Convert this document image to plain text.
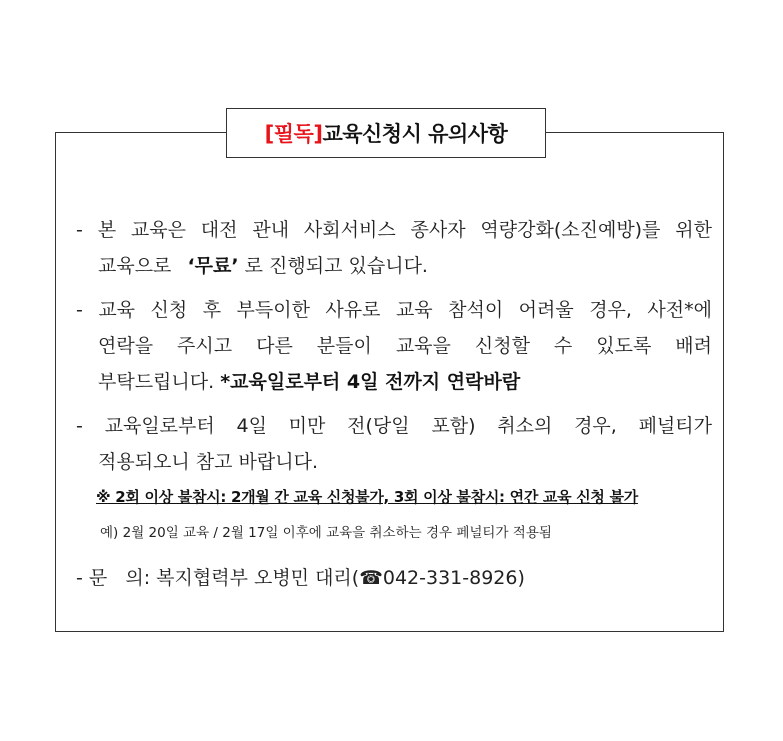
[필독] 교육신청시 유의사항
- 본 교육은 대전 관내 사회서비스 종사자 역량강화(소진예방)를 위한
교육으로 ‘무료’ 로 진행되고 있습니다.
- 교육 신청 후 부득이한 사유로 교육 참석이 어려울 경우, 사전*에
연락을 주시고 다른 분들이 교육을 신청할 수 있도록 배려
부탁드립니다. *교육일로부터 4일 전까지 연락바람
- 교육일로부터 4일 미만 전(당일 포함) 취소의 경우, 페널티가
적용되오니 참고 바랍니다.
※ 2회 이상 불참시: 2개월 간 교육 신청불가, 3회 이상 불참시: 연간 교육 신청 불가
예) 2월 20일 교육 / 2월 17일 이후에 교육을 취소하는 경우 페널티가 적용됨
- 문   의: 복지협력부 오병민 대리(☎042-331-8926)
